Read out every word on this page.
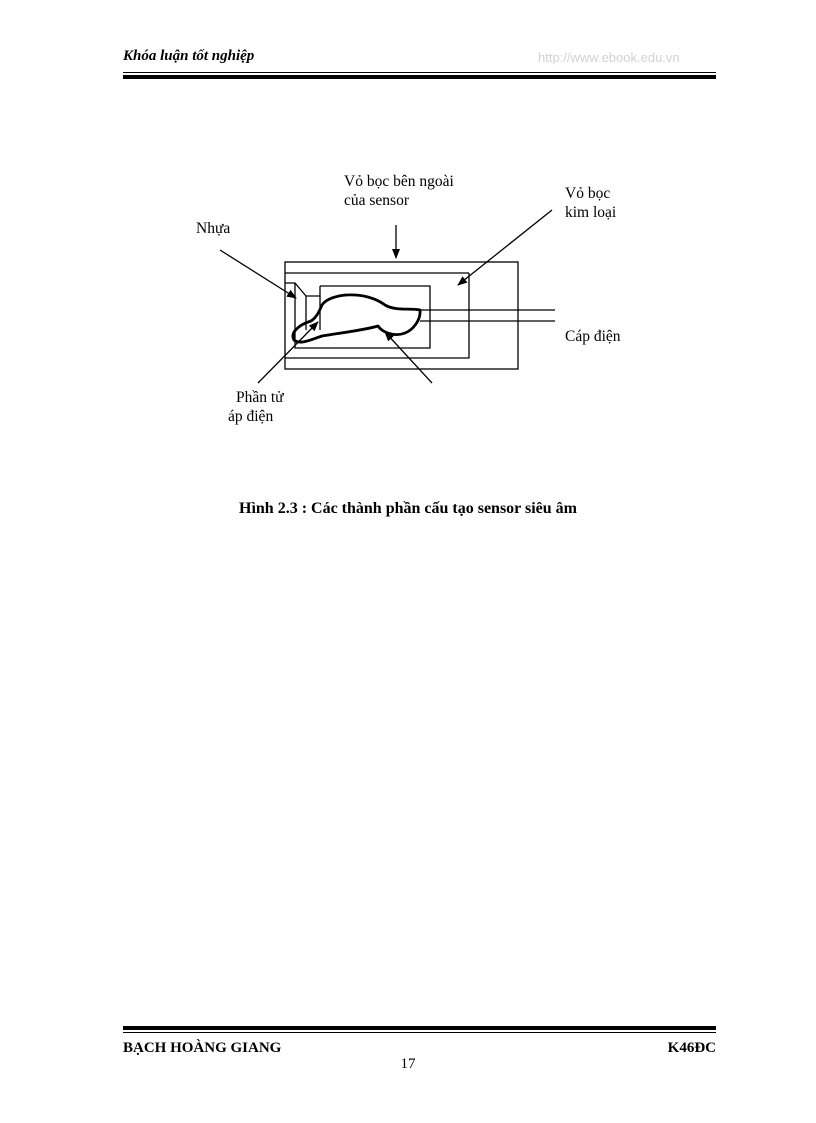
Khóa luận tốt nghiệp	http://www.ebook.edu.vn
Vỏ bọc bên ngoài
của sensor	Vỏ bọc
kim loại
Nhựa
Cáp điện
Phần tử
áp điện
Hình 2.3 : Các thành phần cấu tạo sensor siêu âm
BẠCH HOÀNG GIANG	K46ĐC
17
